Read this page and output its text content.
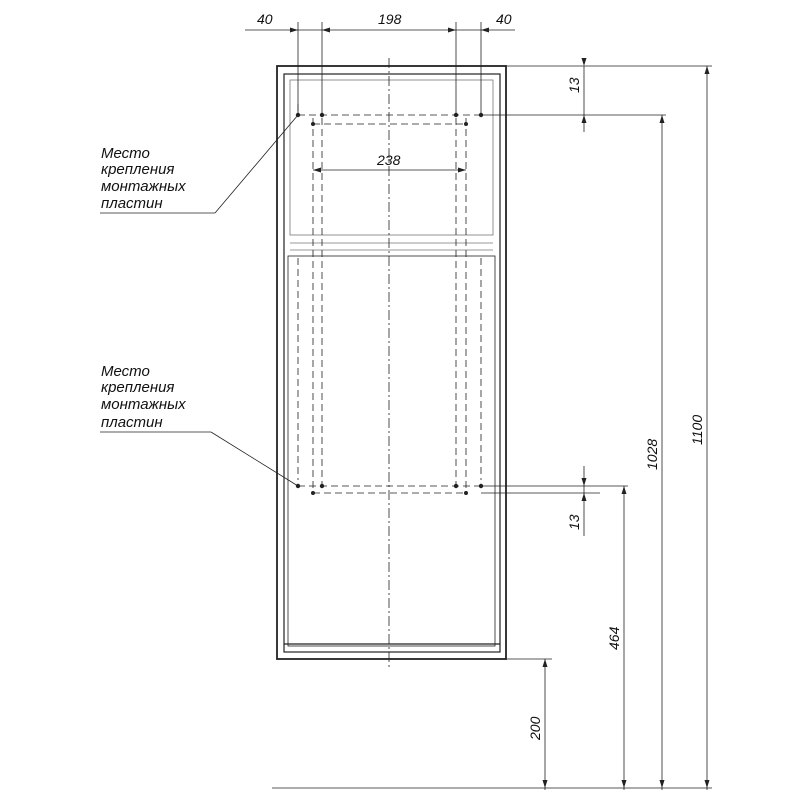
40	198	40
238
13
13
1028
1100
464
200
Место
крепления
монтажных
пластин
Место
крепления
монтажных
пластин
